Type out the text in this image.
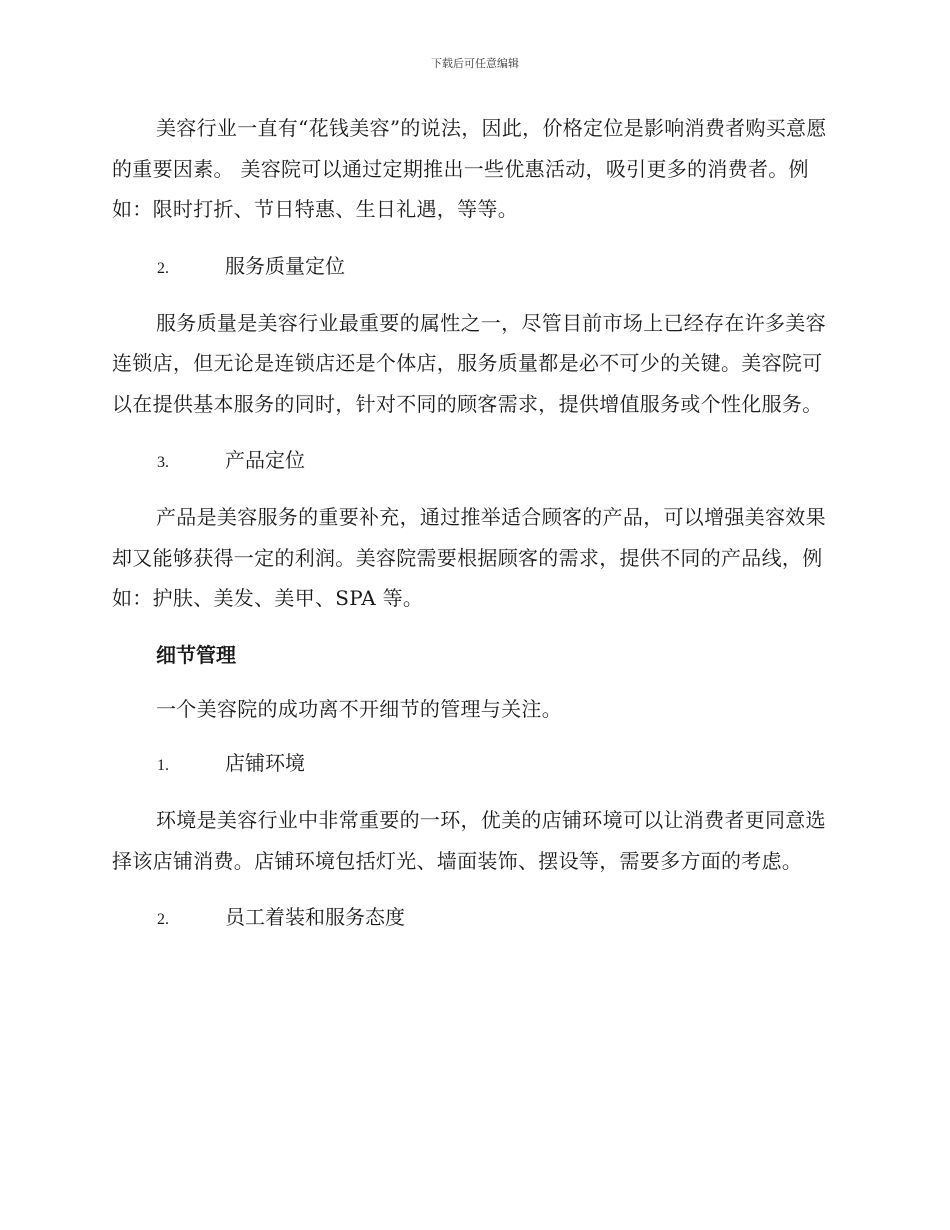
下载后可任意编辑

美容行业一直有“花钱美容”的说法，因此，价格定位是影响消费者购买意愿的重要因素。 美容院可以通过定期推出一些优惠活动，吸引更多的消费者。例如：限时打折、节日特惠、生日礼遇，等等。

2.	服务质量定位

服务质量是美容行业最重要的属性之一，尽管目前市场上已经存在许多美容连锁店，但无论是连锁店还是个体店，服务质量都是必不可少的关键。美容院可以在提供基本服务的同时，针对不同的顾客需求，提供增值服务或个性化服务。

3.	产品定位

产品是美容服务的重要补充，通过推举适合顾客的产品，可以增强美容效果却又能够获得一定的利润。美容院需要根据顾客的需求，提供不同的产品线，例如：护肤、美发、美甲、SPA 等。

细节管理

一个美容院的成功离不开细节的管理与关注。

1.	店铺环境

环境是美容行业中非常重要的一环，优美的店铺环境可以让消费者更同意选择该店铺消费。店铺环境包括灯光、墙面装饰、摆设等，需要多方面的考虑。

2.	员工着装和服务态度
